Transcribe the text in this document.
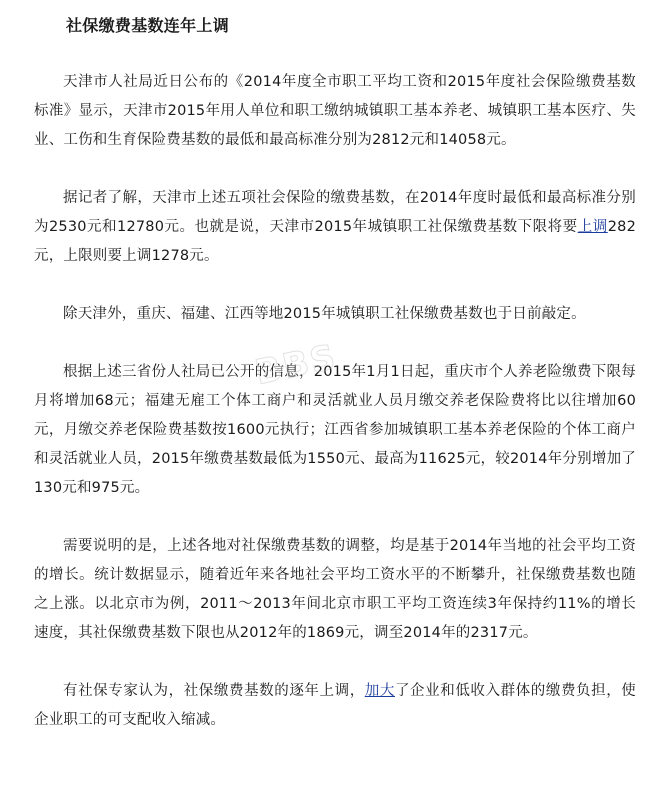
社保缴费基数连年上调

天津市人社局近日公布的《2014年度全市职工平均工资和2015年度社会保险缴费基数标准》显示，天津市2015年用人单位和职工缴纳城镇职工基本养老、城镇职工基本医疗、失业、工伤和生育保险费基数的最低和最高标准分别为2812元和14058元。

据记者了解，天津市上述五项社会保险的缴费基数，在2014年度时最低和最高标准分别为2530元和12780元。也就是说，天津市2015年城镇职工社保缴费基数下限将要上调282元，上限则要上调1278元。

除天津外，重庆、福建、江西等地2015年城镇职工社保缴费基数也于日前敲定。

根据上述三省份人社局已公开的信息，2015年1月1日起，重庆市个人养老险缴费下限每月将增加68元；福建无雇工个体工商户和灵活就业人员月缴交养老保险费将比以往增加60元，月缴交养老保险费基数按1600元执行；江西省参加城镇职工基本养老保险的个体工商户和灵活就业人员，2015年缴费基数最低为1550元、最高为11625元，较2014年分别增加了130元和975元。

需要说明的是，上述各地对社保缴费基数的调整，均是基于2014年当地的社会平均工资的增长。统计数据显示，随着近年来各地社会平均工资水平的不断攀升，社保缴费基数也随之上涨。以北京市为例，2011～2013年间北京市职工平均工资连续3年保持约11%的增长速度，其社保缴费基数下限也从2012年的1869元，调至2014年的2317元。

有社保专家认为，社保缴费基数的逐年上调，加大了企业和低收入群体的缴费负担，使企业职工的可支配收入缩减。

BBS
